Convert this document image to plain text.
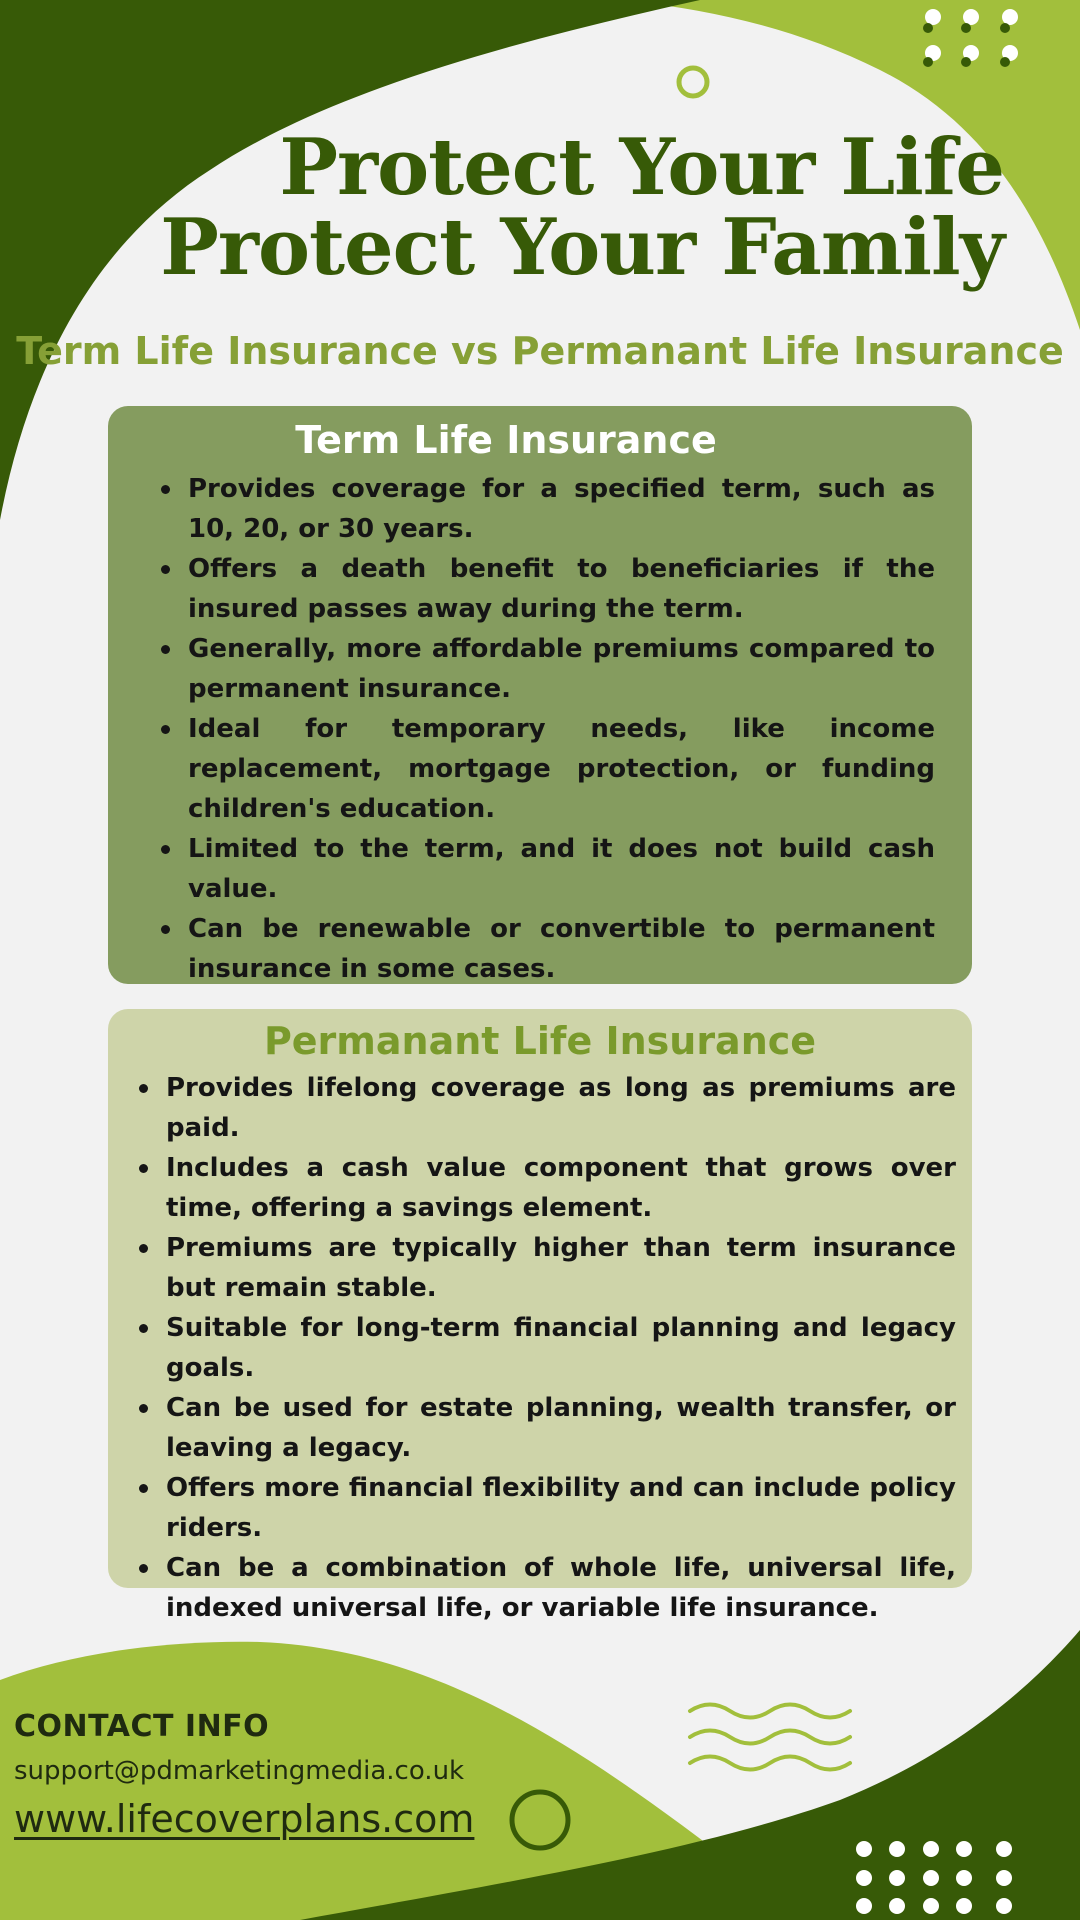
Protect Your Life
Protect Your Family

Term Life Insurance vs Permanant Life Insurance

Term Life Insurance
Provides coverage for a specified term, such as 10, 20, or 30 years.
Offers a death benefit to beneficiaries if the insured passes away during the term.
Generally, more affordable premiums compared to permanent insurance.
Ideal for temporary needs, like income replacement, mortgage protection, or funding children's education.
Limited to the term, and it does not build cash value.
Can be renewable or convertible to permanent insurance in some cases.
Permanant Life Insurance
Provides lifelong coverage as long as premiums are paid.
Includes a cash value component that grows over time, offering a savings element.
Premiums are typically higher than term insurance but remain stable.
Suitable for long-term financial planning and legacy goals.
Can be used for estate planning, wealth transfer, or leaving a legacy.
Offers more financial flexibility and can include policy riders.
Can be a combination of whole life, universal life, indexed universal life, or variable life insurance.
CONTACT INFO
support@pdmarketingmedia.co.uk
www.lifecoverplans.com
